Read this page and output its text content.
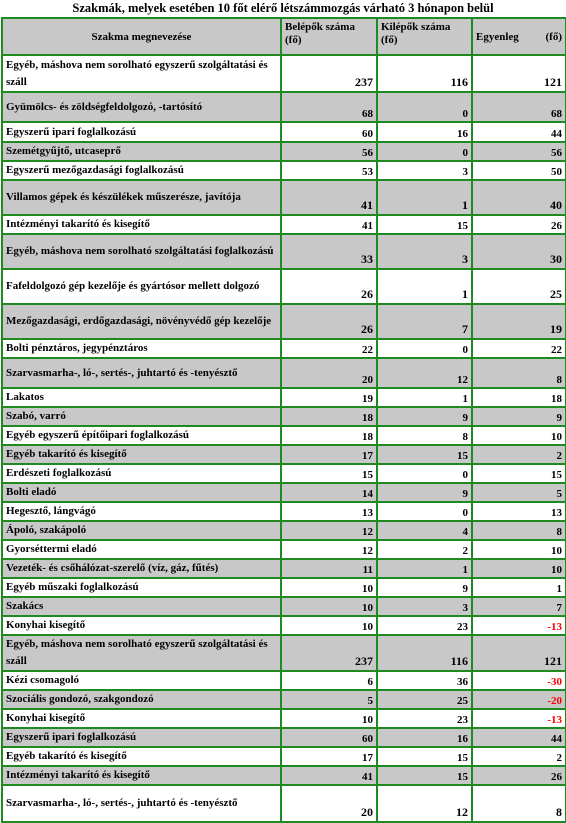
Szakmák, melyek esetében 10 főt elérő létszámmozgás várható 3 hónapon belül
Szakma megnevezése	Belépők száma (fő)	Kilépők száma (fő)	Egyenleg (fő)

Egyéb, máshova nem sorolható egyszerű szolgáltatási és száll	237	116	121
Gyümölcs- és zöldségfeldolgozó, -tartósító	68	0	68
Egyszerű ipari foglalkozású	60	16	44
Szemétgyűjtő, utcaseprő	56	0	56
Egyszerű mezőgazdasági foglalkozású	53	3	50
Villamos gépek és készülékek műszerésze, javítója	41	1	40
Intézményi takarító és kisegítő	41	15	26
Egyéb, máshova nem sorolható szolgáltatási foglalkozású	33	3	30
Fafeldolgozó gép kezelője és gyártósor mellett dolgozó	26	1	25
Mezőgazdasági, erdőgazdasági, növényvédő gép kezelője	26	7	19
Bolti pénztáros, jegypénztáros	22	0	22
Szarvasmarha-, ló-, sertés-, juhtartó és -tenyésztő	20	12	8
Lakatos	19	1	18
Szabó, varró	18	9	9
Egyéb egyszerű építőipari foglalkozású	18	8	10
Egyéb takarító és kisegítő	17	15	2
Erdészeti foglalkozású	15	0	15
Bolti eladó	14	9	5
Hegesztő, lángvágó	13	0	13
Ápoló, szakápoló	12	4	8
Gyorséttermi eladó	12	2	10
Vezeték- és csőhálózat-szerelő (víz, gáz, fűtés)	11	1	10
Egyéb műszaki foglalkozású	10	9	1
Szakács	10	3	7
Konyhai kisegítő	10	23	-13
Egyéb, máshova nem sorolható egyszerű szolgáltatási és száll	237	116	121
Kézi csomagoló	6	36	-30
Szociális gondozó, szakgondozó	5	25	-20
Konyhai kisegítő	10	23	-13
Egyszerű ipari foglalkozású	60	16	44
Egyéb takarító és kisegítő	17	15	2
Intézményi takarító és kisegítő	41	15	26
Szarvasmarha-, ló-, sertés-, juhtartó és -tenyésztő	20	12	8
